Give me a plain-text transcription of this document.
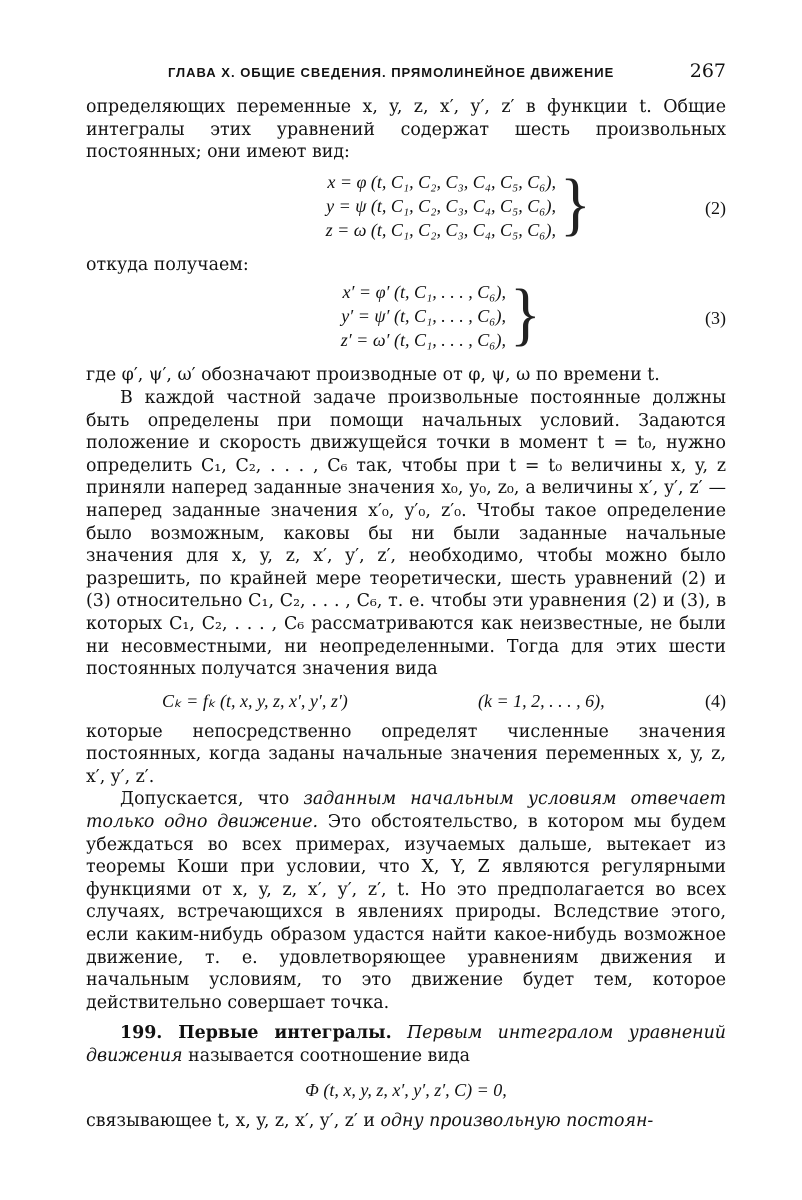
ГЛАВА X. ОБЩИЕ СВЕДЕНИЯ. ПРЯМОЛИНЕЙНОЕ ДВИЖЕНИЕ	267

определяющих переменные x, y, z, x′, y′, z′ в функции t. Общие интегралы этих уравнений содержат шесть произвольных постоянных; они имеют вид:

x = φ (t, C₁, C₂, C₃, C₄, C₅, C₆),
y = ψ (t, C₁, C₂, C₃, C₄, C₅, C₆),
z = ω (t, C₁, C₂, C₃, C₄, C₅, C₆), }	(2)

откуда получаем:

x′ = φ′ (t, C₁, . . . , C₆),
y′ = ψ′ (t, C₁, . . . , C₆),
z′ = ω′ (t, C₁, . . . , C₆), }	(3)

где φ′, ψ′, ω′ обозначают производные от φ, ψ, ω по времени t.

В каждой частной задаче произвольные постоянные должны быть определены при помощи начальных условий. Задаются положение и скорость движущейся точки в момент t = t₀, нужно определить C₁, C₂, . . . , C₆ так, чтобы при t = t₀ величины x, y, z приняли наперед заданные значения x₀, y₀, z₀, а величины x′, y′, z′ — наперед заданные значения x′₀, y′₀, z′₀. Чтобы такое определение было возможным, каковы бы ни были заданные начальные значения для x, y, z, x′, y′, z′, необходимо, чтобы можно было разрешить, по крайней мере теоретически, шесть уравнений (2) и (3) относительно C₁, C₂, . . . , C₆, т. е. чтобы эти уравнения (2) и (3), в которых C₁, C₂, . . . , C₆ рассматриваются как неизвестные, не были ни несовместными, ни неопределенными. Тогда для этих шести постоянных получатся значения вида

Cₖ = fₖ (t, x, y, z, x′, y′, z′)	(k = 1, 2, . . . , 6),	(4)

которые непосредственно определят численные значения постоянных, когда заданы начальные значения переменных x, y, z, x′, y′, z′.

Допускается, что заданным начальным условиям отвечает только одно движение. Это обстоятельство, в котором мы будем убеждаться во всех примерах, изучаемых дальше, вытекает из теоремы Коши при условии, что X, Y, Z являются регулярными функциями от x, y, z, x′, y′, z′, t. Но это предполагается во всех случаях, встречающихся в явлениях природы. Вследствие этого, если каким-нибудь образом удастся найти какое-нибудь возможное движение, т. е. удовлетворяющее уравнениям движения и начальным условиям, то это движение будет тем, которое действительно совершает точка.

199. Первые интегралы. Первым интегралом уравнений движения называется соотношение вида

Φ (t, x, y, z, x′, y′, z′, C) = 0,

связывающее t, x, y, z, x′, y′, z′ и одну произвольную постоян-
